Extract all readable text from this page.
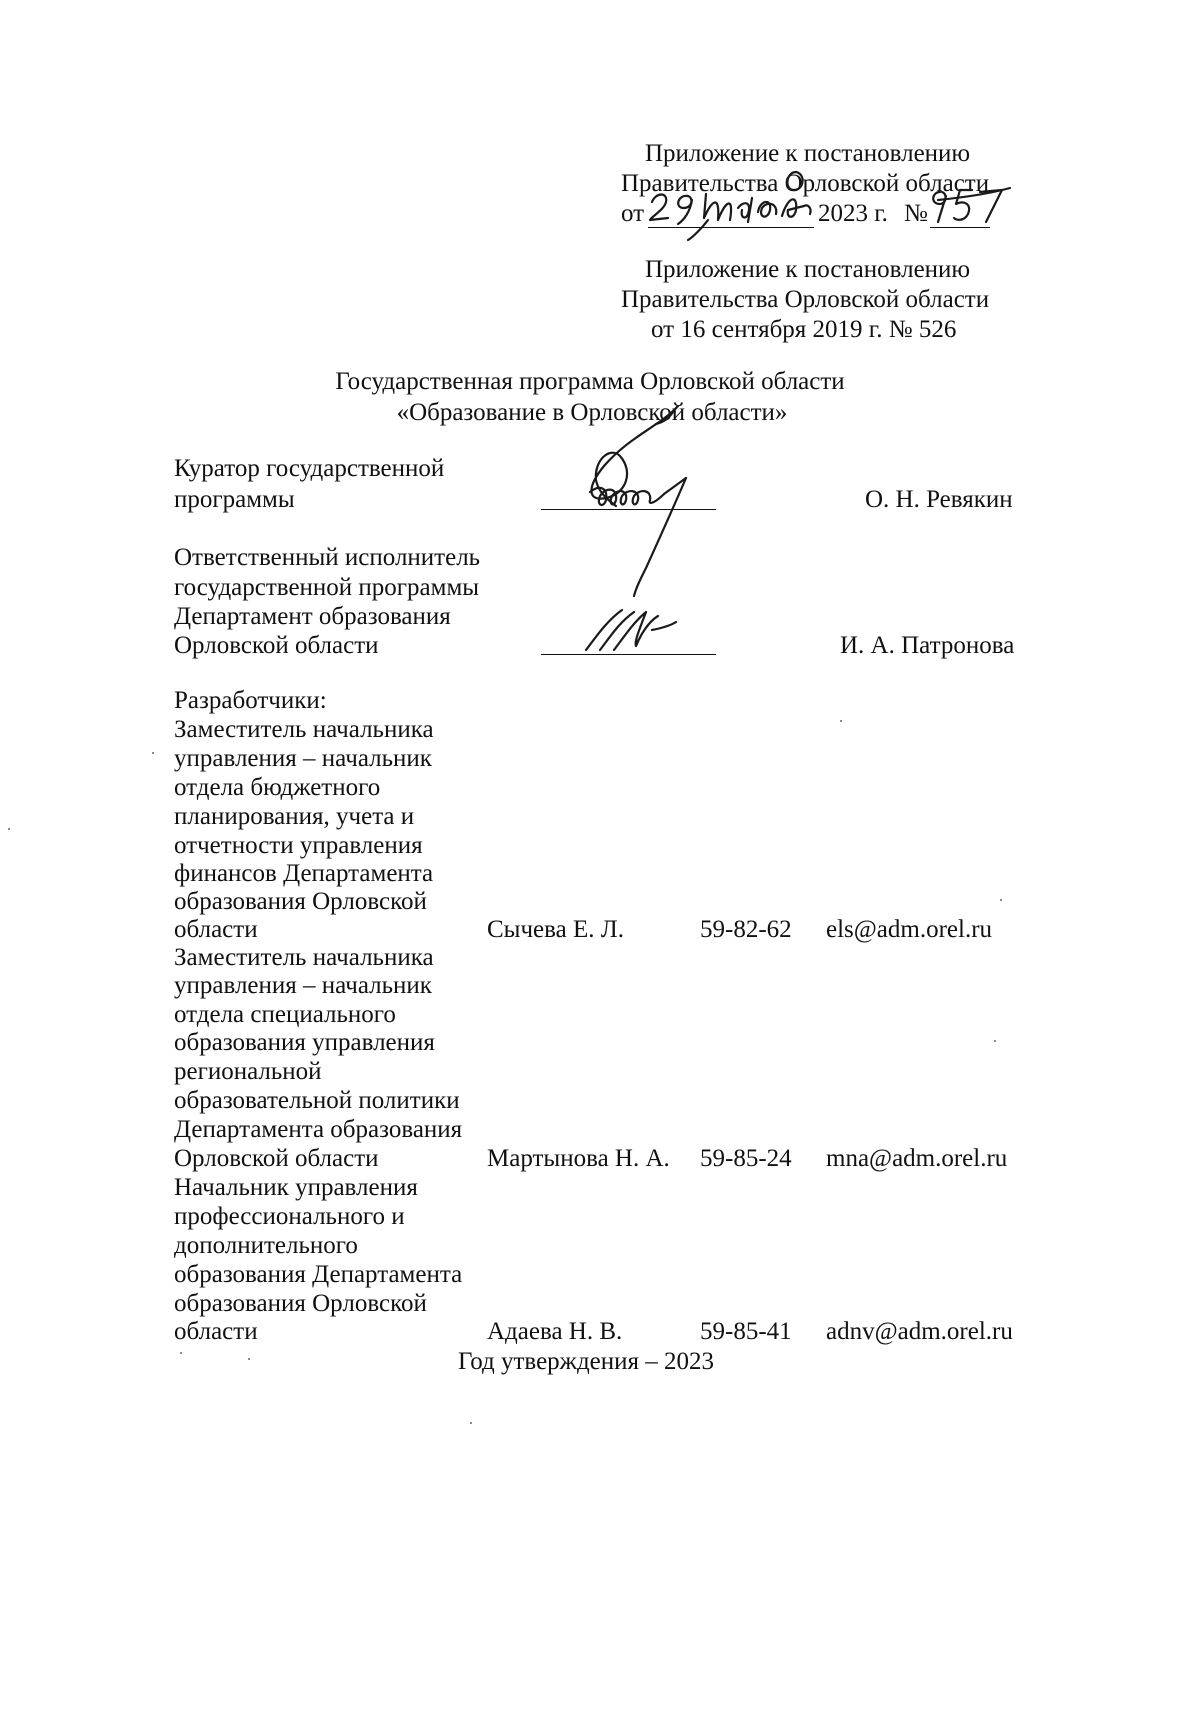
Приложение к постановлению
Правительства Орловской области
от	2023 г. №
Приложение к постановлению
Правительства Орловской области
от 16 сентября 2019 г. № 526
Государственная программа Орловской области
«Образование в Орловской области»
Куратор государственной
программы	О. Н. Ревякин
Ответственный исполнитель
государственной программы
Департамент образования
Орловской области	И. А. Патронова
Разработчики:
Заместитель начальника
управления – начальник
отдела бюджетного
планирования, учета и
отчетности управления
финансов Департамента
образования Орловской
области	Сычева Е. Л.	59-82-62 els@adm.orel.ru
Заместитель начальника
управления – начальник
отдела специального
образования управления
региональной
образовательной политики
Департамента образования
Орловской области	Мартынова Н. А. 59-85-24 mna@adm.orel.ru
Начальник управления
профессионального и
дополнительного
образования Департамента
образования Орловской
области	Адаева Н. В.	59-85-41 adnv@adm.orel.ru
Год утверждения – 2023
